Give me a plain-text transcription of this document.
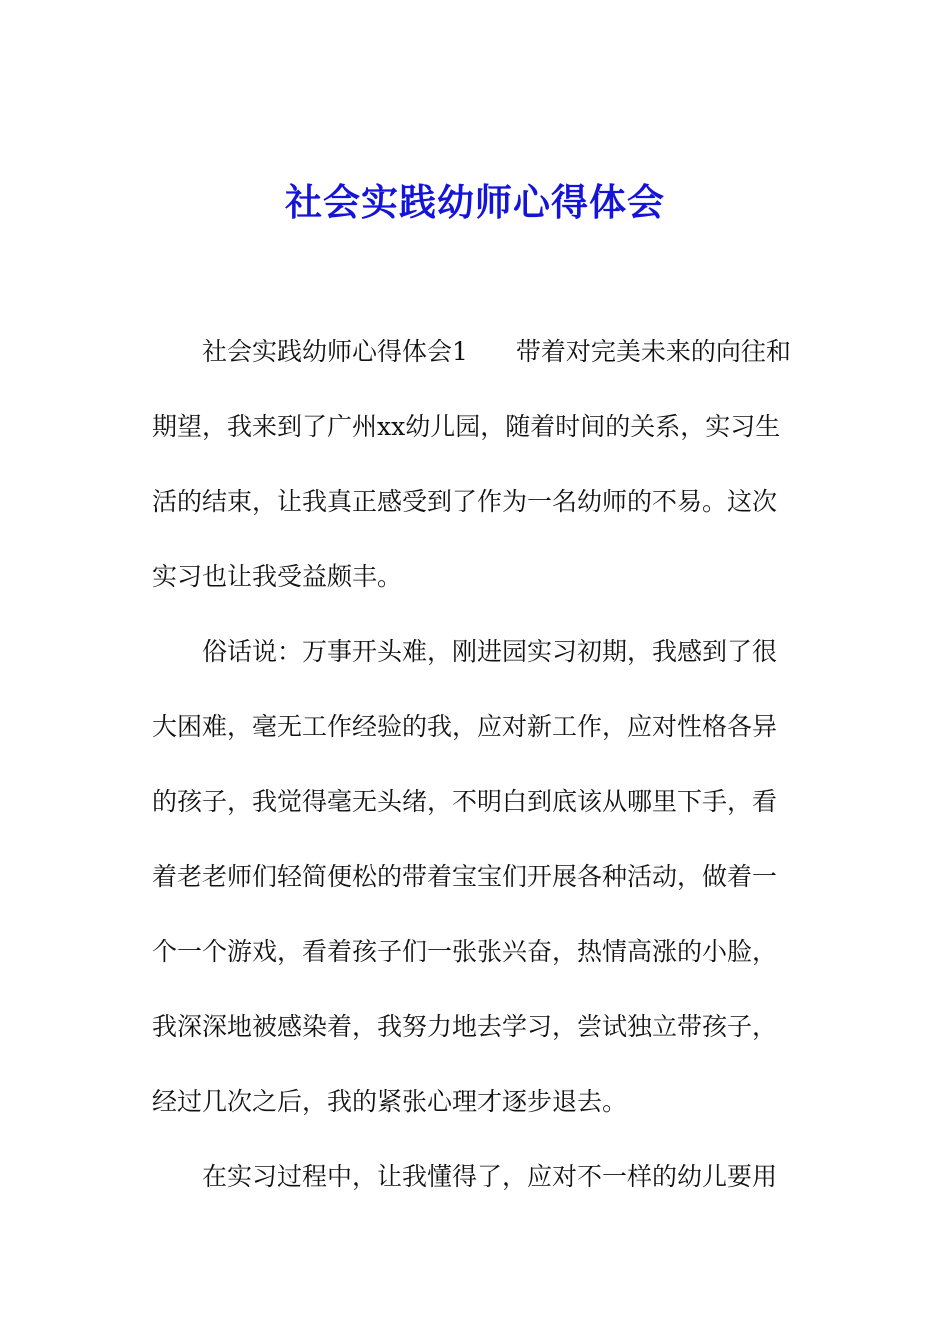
社会实践幼师心得体会
社会实践幼师心得体会1 带着对完美未来的向往和
期望，我来到了广州xx幼儿园，随着时间的关系，实习生
活的结束，让我真正感受到了作为一名幼师的不易。这次
实习也让我受益颇丰。
俗话说：万事开头难，刚进园实习初期，我感到了很
大困难，毫无工作经验的我，应对新工作，应对性格各异
的孩子，我觉得毫无头绪，不明白到底该从哪里下手，看
着老老师们轻简便松的带着宝宝们开展各种活动，做着一
个一个游戏，看着孩子们一张张兴奋，热情高涨的小脸，
我深深地被感染着，我努力地去学习，尝试独立带孩子，
经过几次之后，我的紧张心理才逐步退去。
在实习过程中，让我懂得了，应对不一样的幼儿要用
